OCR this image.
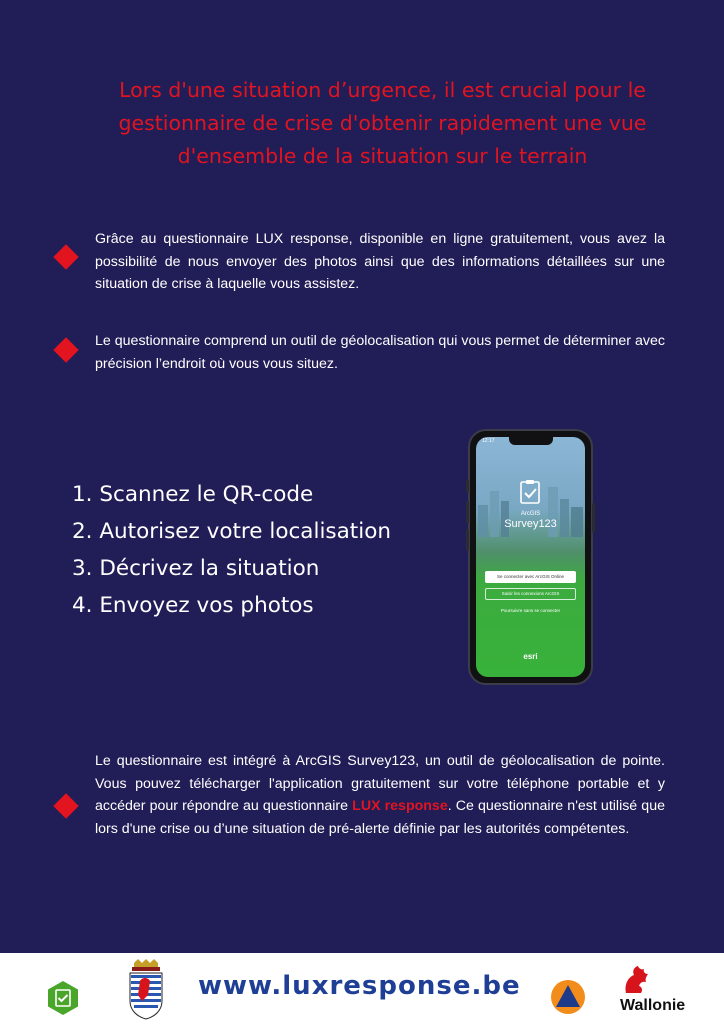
Lors d'une situation d’urgence, il est crucial pour le
gestionnaire de crise d'obtenir rapidement une vue
d'ensemble de la situation sur le terrain

Grâce au questionnaire LUX response, disponible en ligne gratuitement, vous avez la possibilité de nous envoyer des photos ainsi que des informations détaillées sur une situation de crise à laquelle vous assistez.

Le questionnaire comprend un outil de géolocalisation qui vous permet de déterminer avec précision l’endroit où vous vous situez.

1. Scannez le QR-code
2. Autorisez votre localisation
3. Décrivez la situation
4. Envoyez vos photos
12:17
ArcGIS
Survey123
Se connecter avec ArcGIS Online
Saisir les connexions ArcGIS
Poursuivre sans se connecter
esri

Le questionnaire est intégré à ArcGIS Survey123, un outil de géolocalisation de pointe. Vous pouvez télécharger l'application gratuitement sur votre téléphone portable et y accéder pour répondre au questionnaire LUX response. Ce questionnaire n'est utilisé que lors d'une crise ou d’une situation de pré-alerte définie par les autorités compétentes.

www.luxresponse.be
Wallonie
